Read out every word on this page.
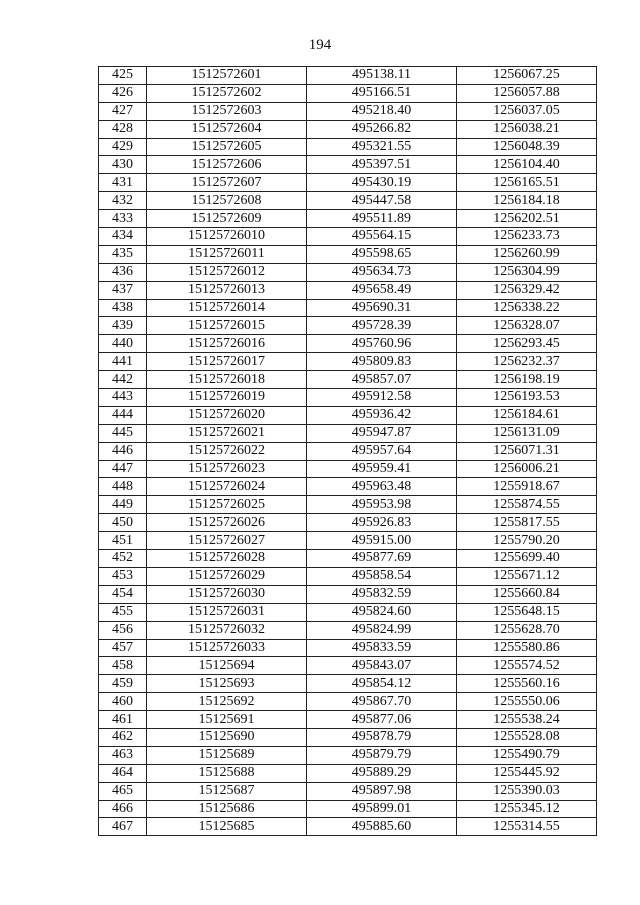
194
425	1512572601	495138.11	1256067.25
426	1512572602	495166.51	1256057.88
427	1512572603	495218.40	1256037.05
428	1512572604	495266.82	1256038.21
429	1512572605	495321.55	1256048.39
430	1512572606	495397.51	1256104.40
431	1512572607	495430.19	1256165.51
432	1512572608	495447.58	1256184.18
433	1512572609	495511.89	1256202.51
434	15125726010	495564.15	1256233.73
435	15125726011	495598.65	1256260.99
436	15125726012	495634.73	1256304.99
437	15125726013	495658.49	1256329.42
438	15125726014	495690.31	1256338.22
439	15125726015	495728.39	1256328.07
440	15125726016	495760.96	1256293.45
441	15125726017	495809.83	1256232.37
442	15125726018	495857.07	1256198.19
443	15125726019	495912.58	1256193.53
444	15125726020	495936.42	1256184.61
445	15125726021	495947.87	1256131.09
446	15125726022	495957.64	1256071.31
447	15125726023	495959.41	1256006.21
448	15125726024	495963.48	1255918.67
449	15125726025	495953.98	1255874.55
450	15125726026	495926.83	1255817.55
451	15125726027	495915.00	1255790.20
452	15125726028	495877.69	1255699.40
453	15125726029	495858.54	1255671.12
454	15125726030	495832.59	1255660.84
455	15125726031	495824.60	1255648.15
456	15125726032	495824.99	1255628.70
457	15125726033	495833.59	1255580.86
458	15125694	495843.07	1255574.52
459	15125693	495854.12	1255560.16
460	15125692	495867.70	1255550.06
461	15125691	495877.06	1255538.24
462	15125690	495878.79	1255528.08
463	15125689	495879.79	1255490.79
464	15125688	495889.29	1255445.92
465	15125687	495897.98	1255390.03
466	15125686	495899.01	1255345.12
467	15125685	495885.60	1255314.55
